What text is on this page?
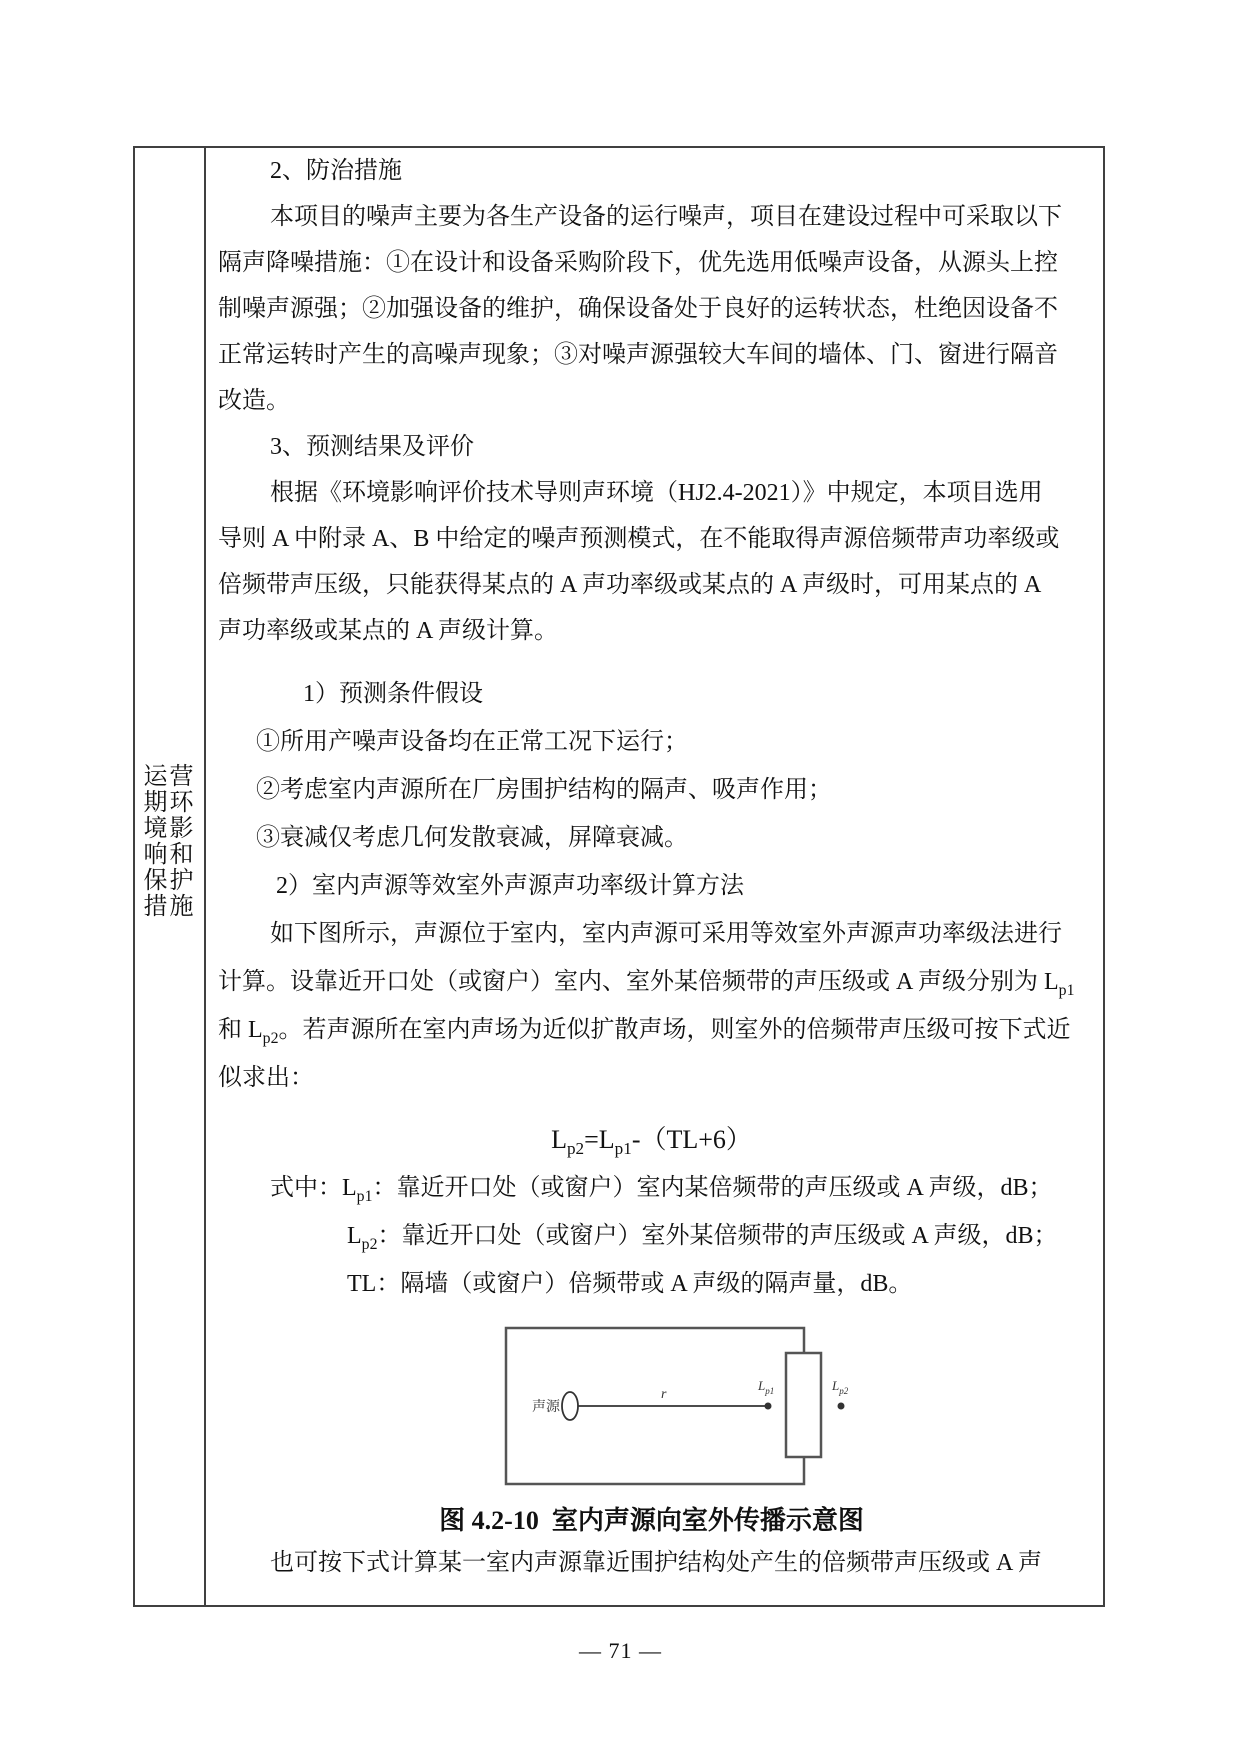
运营
期环
境影
响和
保护
措施
2、防治措施
本项目的噪声主要为各生产设备的运行噪声，项目在建设过程中可采取以下
隔声降噪措施：①在设计和设备采购阶段下，优先选用低噪声设备，从源头上控
制噪声源强；②加强设备的维护，确保设备处于良好的运转状态，杜绝因设备不
正常运转时产生的高噪声现象；③对噪声源强较大车间的墙体、门、窗进行隔音
改造。
3、预测结果及评价
根据《环境影响评价技术导则声环境（HJ2.4-2021）》中规定，本项目选用
导则 A 中附录 A、B 中给定的噪声预测模式，在不能取得声源倍频带声功率级或
倍频带声压级，只能获得某点的 A 声功率级或某点的 A 声级时，可用某点的 A
声功率级或某点的 A 声级计算。
1）预测条件假设
①所用产噪声设备均在正常工况下运行；
②考虑室内声源所在厂房围护结构的隔声、吸声作用；
③衰减仅考虑几何发散衰减，屏障衰减。
2）室内声源等效室外声源声功率级计算方法
如下图所示，声源位于室内，室内声源可采用等效室外声源声功率级法进行
计算。设靠近开口处（或窗户）室内、室外某倍频带的声压级或 A 声级分别为 $L_{p1}$
和 $L_{p2}$。若声源所在室内声场为近似扩散声场，则室外的倍频带声压级可按下式近
似求出：
$L_{p2}=L_{p1}-(TL+6)$
式中：$L_{p1}$：靠近开口处（或窗户）室内某倍频带的声压级或 A 声级，dB；
$L_{p2}$：靠近开口处（或窗户）室外某倍频带的声压级或 A 声级，dB；
TL：隔墙（或窗户）倍频带或 A 声级的隔声量，dB。
声源
r
$L_{p1}$	$L_{p2}$
图 4.2-10  室内声源向室外传播示意图
也可按下式计算某一室内声源靠近围护结构处产生的倍频带声压级或 A 声
— 71 —
